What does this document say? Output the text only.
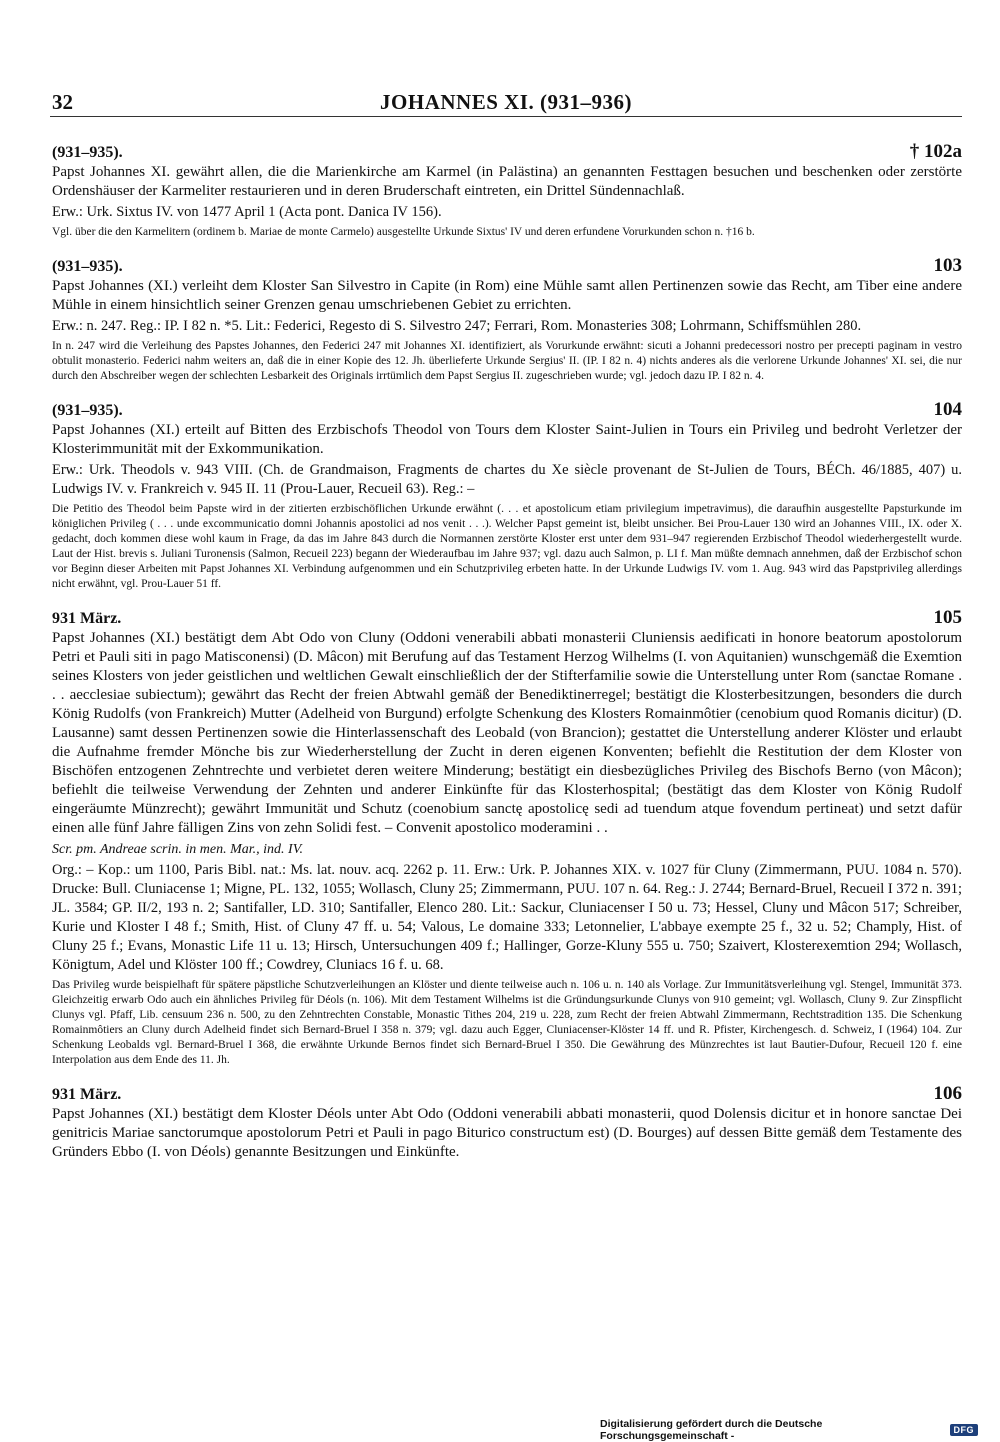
32	JOHANNES XI. (931–936)
(931–935).	† 102a

Papst Johannes XI. gewährt allen, die die Marienkirche am Karmel (in Palästina) an genannten Festtagen besuchen und beschenken oder zerstörte Ordenshäuser der Karmeliter restaurieren und in deren Bruderschaft eintreten, ein Drittel Sündennachlaß.

Erw.: Urk. Sixtus IV. von 1477 April 1 (Acta pont. Danica IV 156).

Vgl. über die den Karmelitern (ordinem b. Mariae de monte Carmelo) ausgestellte Urkunde Sixtus' IV und deren erfundene Vorurkunden schon n. †16 b.

(931–935).	103

Papst Johannes (XI.) verleiht dem Kloster San Silvestro in Capite (in Rom) eine Mühle samt allen Pertinenzen sowie das Recht, am Tiber eine andere Mühle in einem hinsichtlich seiner Grenzen genau umschriebenen Gebiet zu errichten.

Erw.: n. 247. Reg.: IP. I 82 n. *5. Lit.: Federici, Regesto di S. Silvestro 247; Ferrari, Rom. Monasteries 308; Lohrmann, Schiffsmühlen 280.

In n. 247 wird die Verleihung des Papstes Johannes, den Federici 247 mit Johannes XI. identifiziert, als Vorurkunde erwähnt: sicuti a Johanni predecessori nostro per precepti paginam in vestro obtulit monasterio. Federici nahm weiters an, daß die in einer Kopie des 12. Jh. überlieferte Urkunde Sergius' II. (IP. I 82 n. 4) nichts anderes als die verlorene Urkunde Johannes' XI. sei, die nur durch den Abschreiber wegen der schlechten Lesbarkeit des Originals irrtümlich dem Papst Sergius II. zugeschrieben wurde; vgl. jedoch dazu IP. I 82 n. 4.

(931–935).	104

Papst Johannes (XI.) erteilt auf Bitten des Erzbischofs Theodol von Tours dem Kloster Saint-Julien in Tours ein Privileg und bedroht Verletzer der Klosterimmunität mit der Exkommunikation.

Erw.: Urk. Theodols v. 943 VIII. (Ch. de Grandmaison, Fragments de chartes du Xe siècle provenant de St-Julien de Tours, BÉCh. 46/1885, 407) u. Ludwigs IV. v. Frankreich v. 945 II. 11 (Prou-Lauer, Recueil 63). Reg.: –

Die Petitio des Theodol beim Papste wird in der zitierten erzbischöflichen Urkunde erwähnt (. . . et apostolicum etiam privilegium impetravimus), die daraufhin ausgestellte Papsturkunde im königlichen Privileg ( . . . unde excommunicatio domni Johannis apostolici ad nos venit . . .). Welcher Papst gemeint ist, bleibt unsicher. Bei Prou-Lauer 130 wird an Johannes VIII., IX. oder X. gedacht, doch kommen diese wohl kaum in Frage, da das im Jahre 843 durch die Normannen zerstörte Kloster erst unter dem 931–947 regierenden Erzbischof Theodol wiederhergestellt wurde. Laut der Hist. brevis s. Juliani Turonensis (Salmon, Recueil 223) begann der Wiederaufbau im Jahre 937; vgl. dazu auch Salmon, p. LI f. Man müßte demnach annehmen, daß der Erzbischof schon vor Beginn dieser Arbeiten mit Papst Johannes XI. Verbindung aufgenommen und ein Schutzprivileg erbeten hatte. In der Urkunde Ludwigs IV. vom 1. Aug. 943 wird das Papstprivileg allerdings nicht erwähnt, vgl. Prou-Lauer 51 ff.

931 März.	105

Papst Johannes (XI.) bestätigt dem Abt Odo von Cluny (Oddoni venerabili abbati monasterii Cluniensis aedificati in honore beatorum apostolorum Petri et Pauli siti in pago Matisconensi) (D. Mâcon) mit Berufung auf das Testament Herzog Wilhelms (I. von Aquitanien) wunschgemäß die Exemtion seines Klosters von jeder geistlichen und weltlichen Gewalt einschließlich der der Stifterfamilie sowie die Unterstellung unter Rom (sanctae Romane . . . aecclesiae subiectum); gewährt das Recht der freien Abtwahl gemäß der Benediktinerregel; bestätigt die Klosterbesitzungen, besonders die durch König Rudolfs (von Frankreich) Mutter (Adelheid von Burgund) erfolgte Schenkung des Klosters Romainmôtier (cenobium quod Romanis dicitur) (D. Lausanne) samt dessen Pertinenzen sowie die Hinterlassenschaft des Leobald (von Brancion); gestattet die Unterstellung anderer Klöster und erlaubt die Aufnahme fremder Mönche bis zur Wiederherstellung der Zucht in deren eigenen Konventen; befiehlt die Restitution der dem Kloster von Bischöfen entzogenen Zehntrechte und verbietet deren weitere Minderung; bestätigt ein diesbezügliches Privileg des Bischofs Berno (von Mâcon); befiehlt die teilweise Verwendung der Zehnten und anderer Einkünfte für das Klosterhospital; (bestätigt das dem Kloster von König Rudolf eingeräumte Münzrecht); gewährt Immunität und Schutz (coenobium sanctę apostolicę sedi ad tuendum atque fovendum pertineat) und setzt dafür einen alle fünf Jahre fälligen Zins von zehn Solidi fest. – Convenit apostolico moderamini . .

Scr. pm. Andreae scrin. in men. Mar., ind. IV.

Org.: – Kop.: um 1100, Paris Bibl. nat.: Ms. lat. nouv. acq. 2262 p. 11. Erw.: Urk. P. Johannes XIX. v. 1027 für Cluny (Zimmermann, PUU. 1084 n. 570). Drucke: Bull. Cluniacense 1; Migne, PL. 132, 1055; Wollasch, Cluny 25; Zimmermann, PUU. 107 n. 64. Reg.: J. 2744; Bernard-Bruel, Recueil I 372 n. 391; JL. 3584; GP. II/2, 193 n. 2; Santifaller, LD. 310; Santifaller, Elenco 280. Lit.: Sackur, Cluniacenser I 50 u. 73; Hessel, Cluny und Mâcon 517; Schreiber, Kurie und Kloster I 48 f.; Smith, Hist. of Cluny 47 ff. u. 54; Valous, Le domaine 333; Letonnelier, L'abbaye exempte 25 f., 32 u. 52; Champly, Hist. of Cluny 25 f.; Evans, Monastic Life 11 u. 13; Hirsch, Untersuchungen 409 f.; Hallinger, Gorze-Kluny 555 u. 750; Szaivert, Klosterexemtion 294; Wollasch, Königtum, Adel und Klöster 100 ff.; Cowdrey, Cluniacs 16 f. u. 68.

Das Privileg wurde beispielhaft für spätere päpstliche Schutzverleihungen an Klöster und diente teilweise auch n. 106 u. n. 140 als Vorlage. Zur Immunitätsverleihung vgl. Stengel, Immunität 373. Gleichzeitig erwarb Odo auch ein ähnliches Privileg für Déols (n. 106). Mit dem Testament Wilhelms ist die Gründungsurkunde Clunys von 910 gemeint; vgl. Wollasch, Cluny 9. Zur Zinspflicht Clunys vgl. Pfaff, Lib. censuum 236 n. 500, zu den Zehntrechten Constable, Monastic Tithes 204, 219 u. 228, zum Recht der freien Abtwahl Zimmermann, Rechtstradition 135. Die Schenkung Romainmôtiers an Cluny durch Adelheid findet sich Bernard-Bruel I 358 n. 379; vgl. dazu auch Egger, Cluniacenser-Klöster 14 ff. und R. Pfister, Kirchengesch. d. Schweiz, I (1964) 104. Zur Schenkung Leobalds vgl. Bernard-Bruel I 368, die erwähnte Urkunde Bernos findet sich Bernard-Bruel I 350. Die Gewährung des Münzrechtes ist laut Bautier-Dufour, Recueil 120 f. eine Interpolation aus dem Ende des 11. Jh.

931 März.	106

Papst Johannes (XI.) bestätigt dem Kloster Déols unter Abt Odo (Oddoni venerabili abbati monasterii, quod Dolensis dicitur et in honore sanctae Dei genitricis Mariae sanctorumque apostolorum Petri et Pauli in pago Biturico constructum est) (D. Bourges) auf dessen Bitte gemäß dem Testamente des Gründers Ebbo (I. von Déols) genannte Besitzungen und Einkünfte.

Digitalisierung gefördert durch die Deutsche Forschungsgemeinschaft -	DFG
